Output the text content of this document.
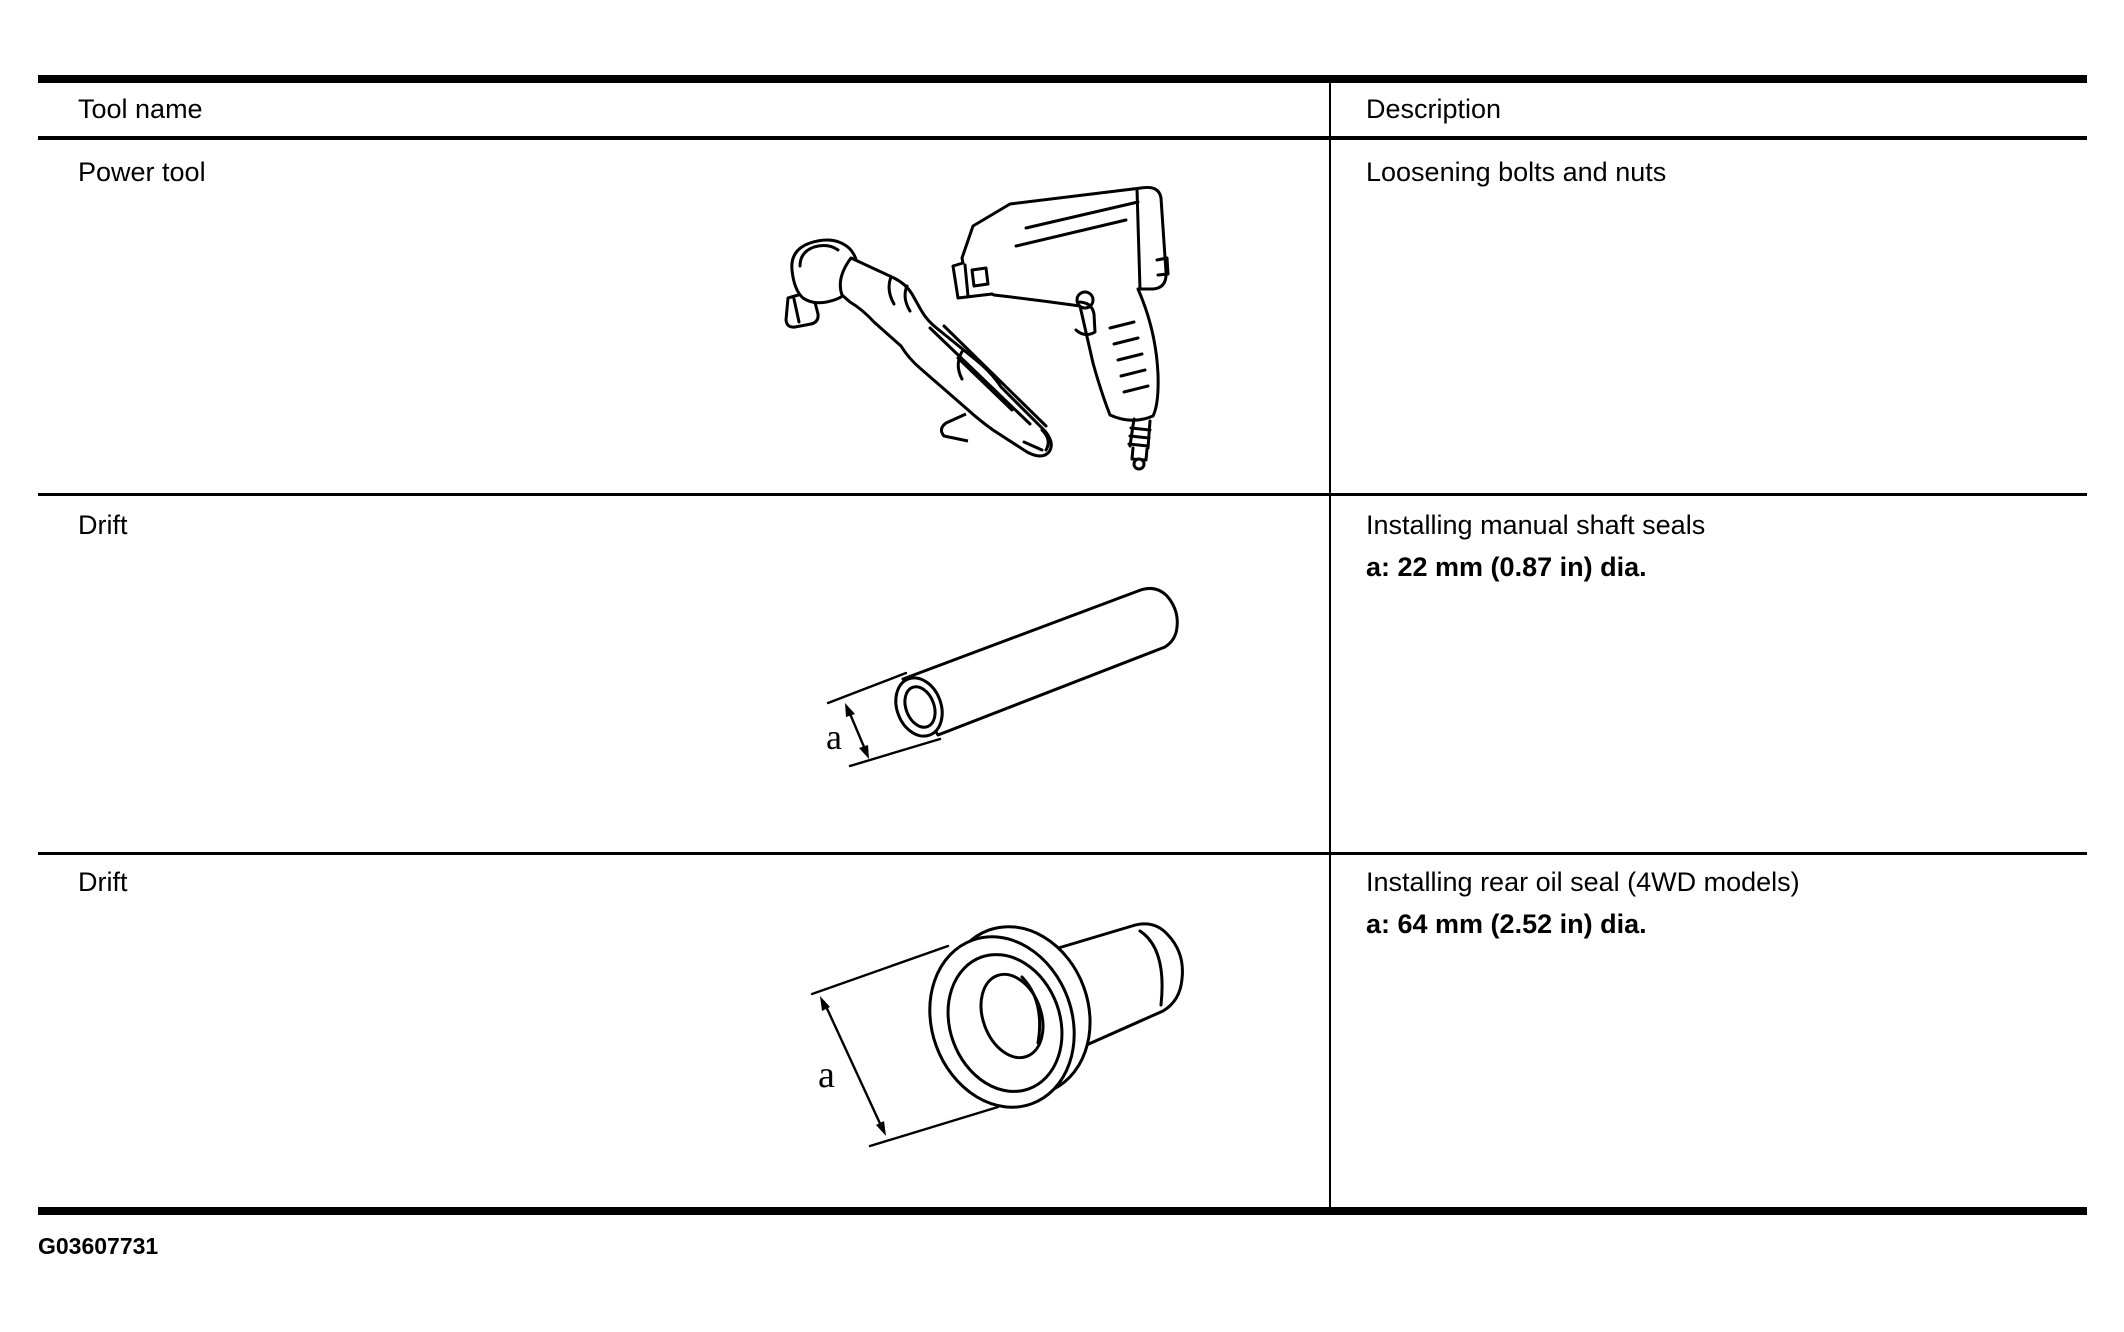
Tool name	Description
Power tool	Loosening bolts and nuts
Drift	Installing manual shaft seals
a: 22 mm (0.87 in) dia.
Drift	Installing rear oil seal (4WD models)
a: 64 mm (2.52 in) dia.
a
a
G03607731
